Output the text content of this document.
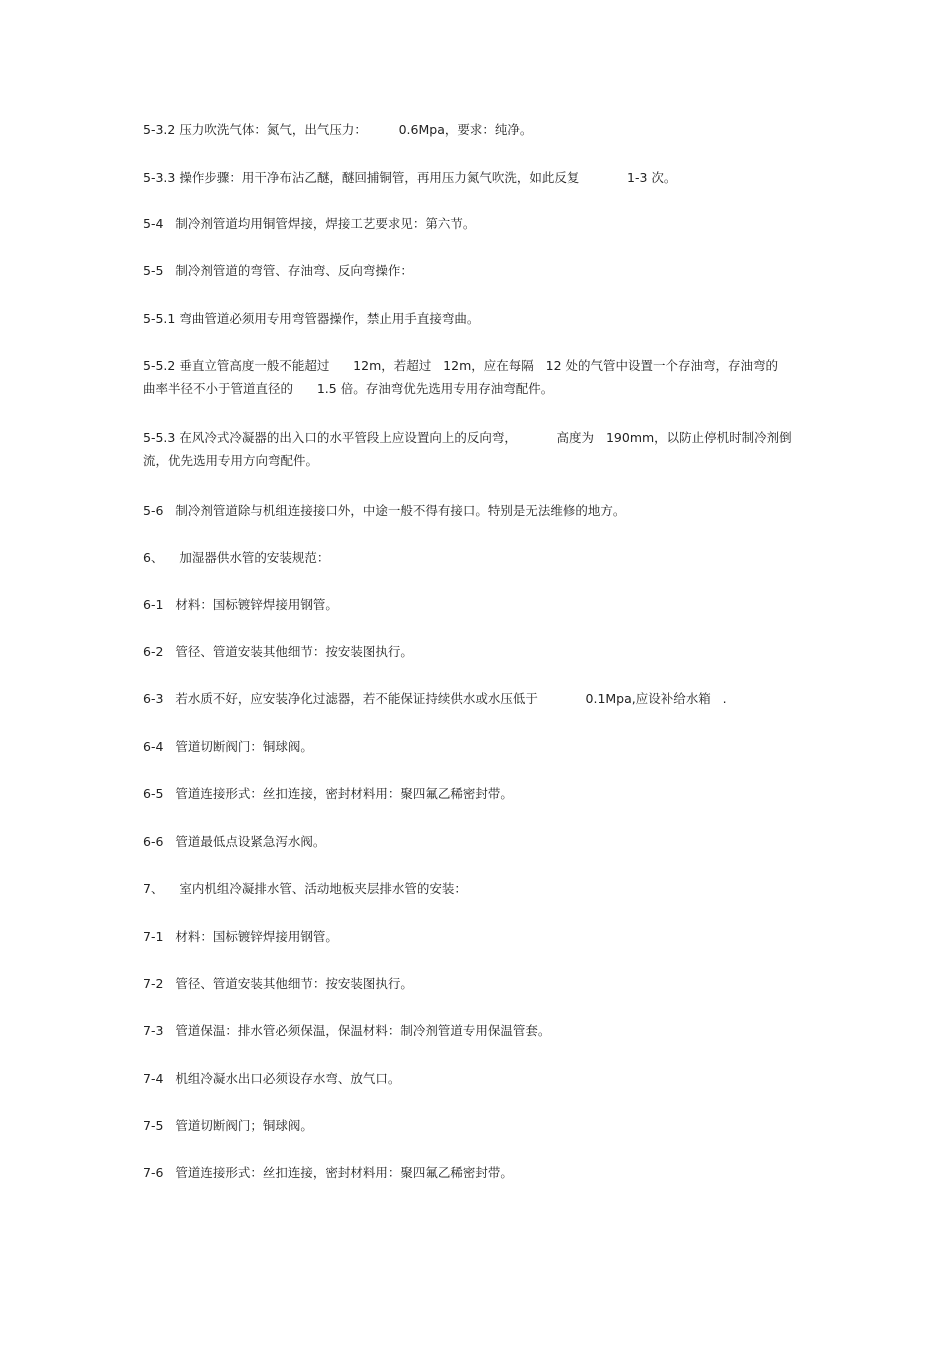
5-3.2 压力吹洗气体：氮气，出气压力：        0.6Mpa，要求：纯净。
5-3.3 操作步骤：用干净布沾乙醚，醚回捕铜管，再用压力氮气吹洗，如此反复            1-3 次。
5-4   制冷剂管道均用铜管焊接，焊接工艺要求见：第六节。
5-5   制冷剂管道的弯管、存油弯、反向弯操作：
5-5.1 弯曲管道必须用专用弯管器操作，禁止用手直接弯曲。
5-5.2 垂直立管高度一般不能超过      12m，若超过   12m，应在每隔   12 处的气管中设置一个存油弯，存油弯的
曲率半径不小于管道直径的      1.5 倍。存油弯优先选用专用存油弯配件。
5-5.3 在风冷式冷凝器的出入口的水平管段上应设置向上的反向弯，          高度为   190mm，以防止停机时制冷剂倒
流，优先选用专用方向弯配件。
5-6   制冷剂管道除与机组连接接口外，中途一般不得有接口。特别是无法维修的地方。
6、    加湿器供水管的安装规范：
6-1   材料：国标镀锌焊接用钢管。
6-2   管径、管道安装其他细节：按安装图执行。
6-3   若水质不好，应安装净化过滤器，若不能保证持续供水或水压低于            0.1Mpa,应设补给水箱   .
6-4   管道切断阀门：铜球阀。
6-5   管道连接形式：丝扣连接，密封材料用：聚四氟乙稀密封带。
6-6   管道最低点设紧急泻水阀。
7、    室内机组冷凝排水管、活动地板夹层排水管的安装：
7-1   材料：国标镀锌焊接用钢管。
7-2   管径、管道安装其他细节：按安装图执行。
7-3   管道保温：排水管必须保温，保温材料：制冷剂管道专用保温管套。
7-4   机组冷凝水出口必须设存水弯、放气口。
7-5   管道切断阀门；铜球阀。
7-6   管道连接形式：丝扣连接，密封材料用：聚四氟乙稀密封带。
